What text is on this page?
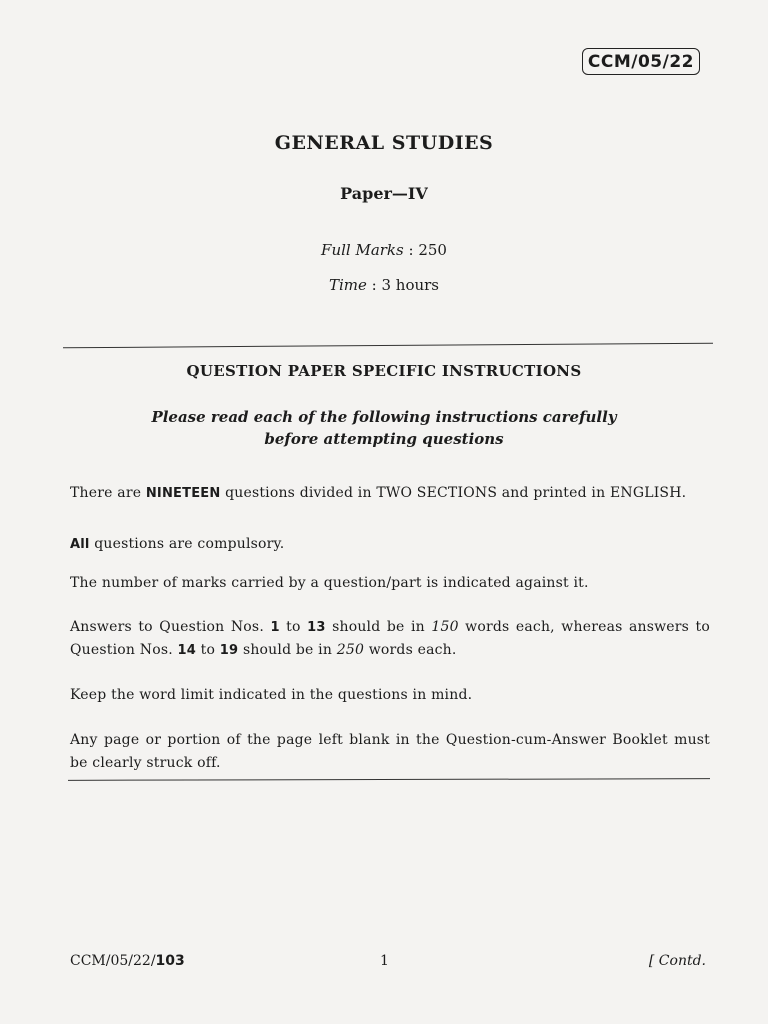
CCM/05/22
GENERAL STUDIES
Paper—IV
Full Marks : 250
Time : 3 hours
QUESTION PAPER SPECIFIC INSTRUCTIONS
Please read each of the following instructions carefully
before attempting questions
There are NINETEEN questions divided in TWO SECTIONS and printed in ENGLISH.
All questions are compulsory.
The number of marks carried by a question/part is indicated against it.
Answers to Question Nos. 1 to 13 should be in 150 words each, whereas answers to Question Nos. 14 to 19 should be in 250 words each.
Keep the word limit indicated in the questions in mind.
Any page or portion of the page left blank in the Question-cum-Answer Booklet must be clearly struck off.
CCM/05/22/103	1	[ Contd.
